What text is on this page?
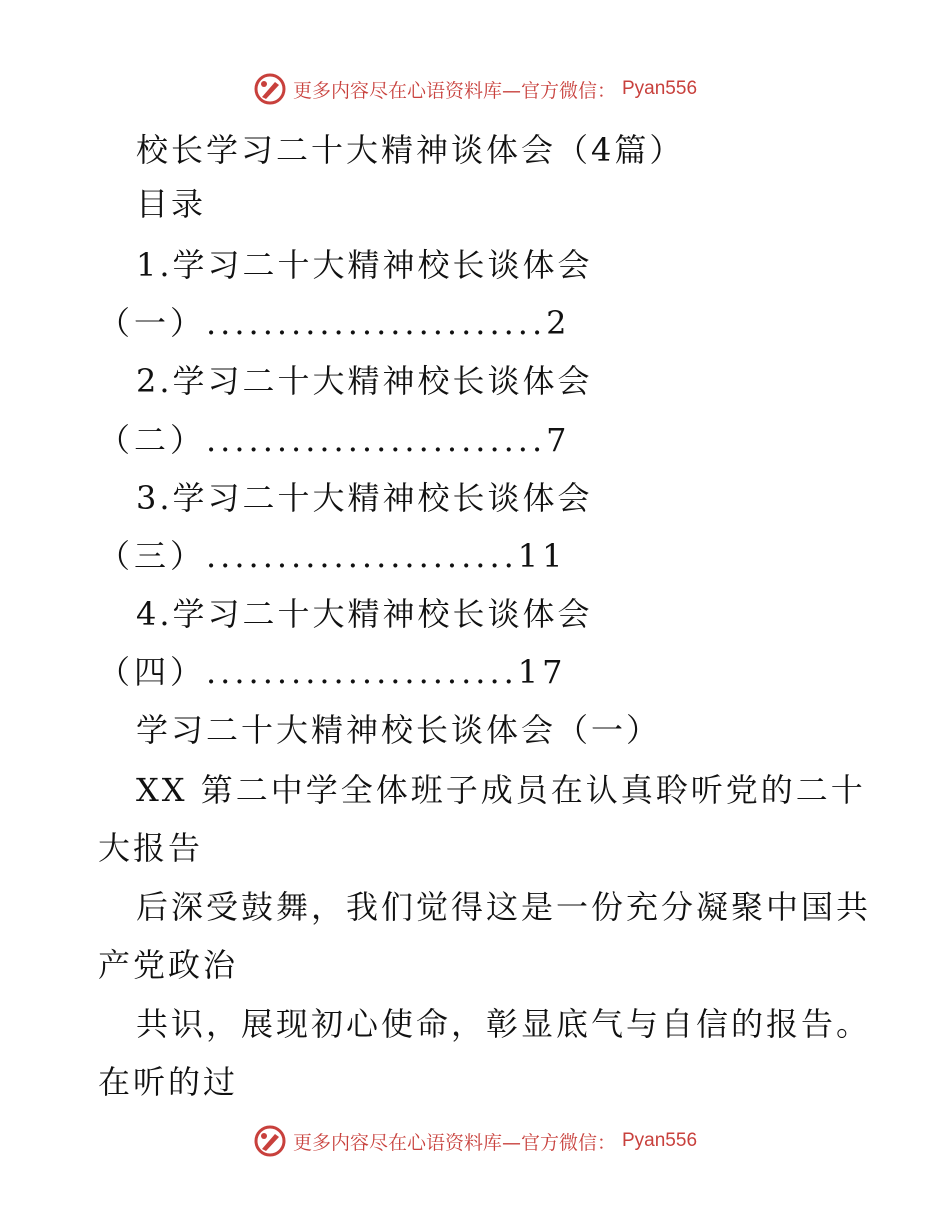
更多内容尽在心语资料库—官方微信： Pyan556
校长学习二十大精神谈体会（4篇）
目录
1.学习二十大精神校长谈体会
（一）........................2
2.学习二十大精神校长谈体会
（二）........................7
3.学习二十大精神校长谈体会
（三）......................11
4.学习二十大精神校长谈体会
（四）......................17
学习二十大精神校长谈体会（一）
XX 第二中学全体班子成员在认真聆听党的二十
大报告
后深受鼓舞，我们觉得这是一份充分凝聚中国共
产党政治
共识，展现初心使命，彰显底气与自信的报告。
在听的过
更多内容尽在心语资料库—官方微信： Pyan556
